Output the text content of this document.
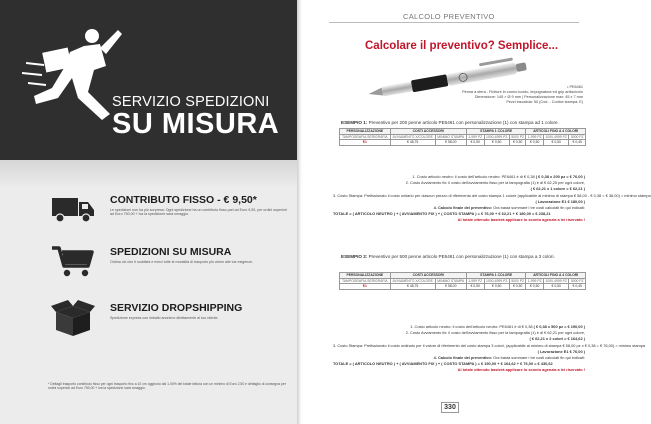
SERVIZIO SPEDIZIONI
SU MISURA
CONTRIBUTO FISSO - € 9,50*
Le spedizioni non ha più sorpresa. Ogni spedizione ha un contributo fisso pari ad Euro 9,50, per ordini superiori ad Euro 750,00 + iva la spedizione sarà omaggio.
SPEDIZIONI SU MISURA
Ordina ciò che ti soddisfa e ricevi tutte le modalità di trasporto più vicine alle tue esigenze.
SERVIZIO DROPSHIPPING
Spedizione express con imballo anonimo direttamente al tuo cliente.
* Dettagli trasporto contributo fisso per ogni trasporto fino a 10 cm ogginoto dal 1.00% del totale fattura con un minimo di Euro 2,50 e dettaglio di consegna per ordini superiori ad Euro 750,00 + iva la spedizione sarà omaggio.
CALCOLO PREVENTIVO
Calcolare il preventivo? Semplice...
• PE6461
Penna a sfera - Finiture in cromo lucido, impugnatura ed grip antiscivolo
Dimensione: 145 × Ø 9 mm | Personalizzazione max: 45 x 7 mm
Pezzi inscatola: 50 (Cod. - Codice stampa: E)
ESEMPIO 1: Preventivo per 200 penne articolo PE6461 con personalizzazione (1) con stampa ad 1 colore.
PERSONALIZZAZIONE	COSTI ACCESSORI		STAMPA 1 COLORE			ARTICOLI FINO A 4 COLORI		
TAMPOGRAFIA SERIGRAFIA	AVVIAMENTO X/COLORE	MINIMO STAMPA	1-999 PZ	1000-4999 PZ	5000 PZ	1-999 PZ	1000-4999 PZ	5000 PZ
E1	€ 48,75	€ 58,00	€ 0,50	€ 0,50	€ 0,50	€ 0,50	€ 0,50	€ 0,45
1. Costo articolo neutro: il costo dell'articolo neutro: PE6461 è di € 0,38 ( € 0,38 x 200 pz = € 76,00 )
2. Costo Avviamento fix: il costo dell'avviamento fisso per la tampografia (1) è di € 62,25 per ogni colore,
( € 62,21 x 1 colore = € 62,21 )
3. Costo Stampa: Prefissionato il costo unitario per ciascun prezzo di riferimento del costo stampa 1 colore (applicabile al minimo di stampa € 58,00 - € 0,38 = € 38,00) = minimo stampa
( Lavorazione E1 € 180,00 )
4. Calcolo finale del preventivo: Ora basta sommare i tre costi calcolati fin qui indicati:
TOTALE = ( ARTICOLO NEUTRO ) + ( AVVIAMENTO FIX ) + ( COSTO STAMPA ) = € 76,00 + € 62,21 + € 180,00 = € 238,21
Al totale ottenuto basterà applicare lo sconto agenzia a lei riservato !
ESEMPIO 2: Preventivo per 500 penne articolo PE6461 con personalizzazione (1) con stampa a 3 colori.
PERSONALIZZAZIONE	COSTI ACCESSORI		STAMPA 1 COLORE			ARTICOLI FINO A 4 COLORI		
TAMPOGRAFIA SERIGRAFIA	AVVIAMENTO X/COLORE	MINIMO STAMPA	1-999 PZ	1000-4999 PZ	5000 PZ	1-999 PZ	1000-4999 PZ	5000 PZ
E1	€ 48,75	€ 58,00	€ 0,50	€ 0,50	€ 0,50	€ 0,50	€ 0,50	€ 0,45
1. Costo articolo neutro: il costo dell'articolo neutro: PE6461 è di € 0,38 ( € 0,38 x 500 pz = € 190,00 )
2. Costo Avviamento fix: il costo dell'avviamento fisso per la tampografia (1) è di € 62,21 per ogni colore,
( € 62,21 x 2 colori = € 164,62 )
3. Costo Stampa: Prefissionato il costo ordinato per il valore di riferimento del costo stampa 3 colori, (applicabile al minimo di stampa € 58,00 pz x € 0,38 = € 76,00) = minimo stampa
( Lavorazione E1 € 76,00 )
4. Calcolo finale del preventivo: Ora basta sommare i tre costi calcolati fin qui indicati:
TOTALE = ( ARTICOLO NEUTRO ) + ( AVVIAMENTO FIX ) + ( COSTO STAMPA ) = € 190,00 + € 164,62 + € 76,00 = € 430,62
Al totale ottenuto basterà applicare lo sconto agenzia a lei riservato !
330
